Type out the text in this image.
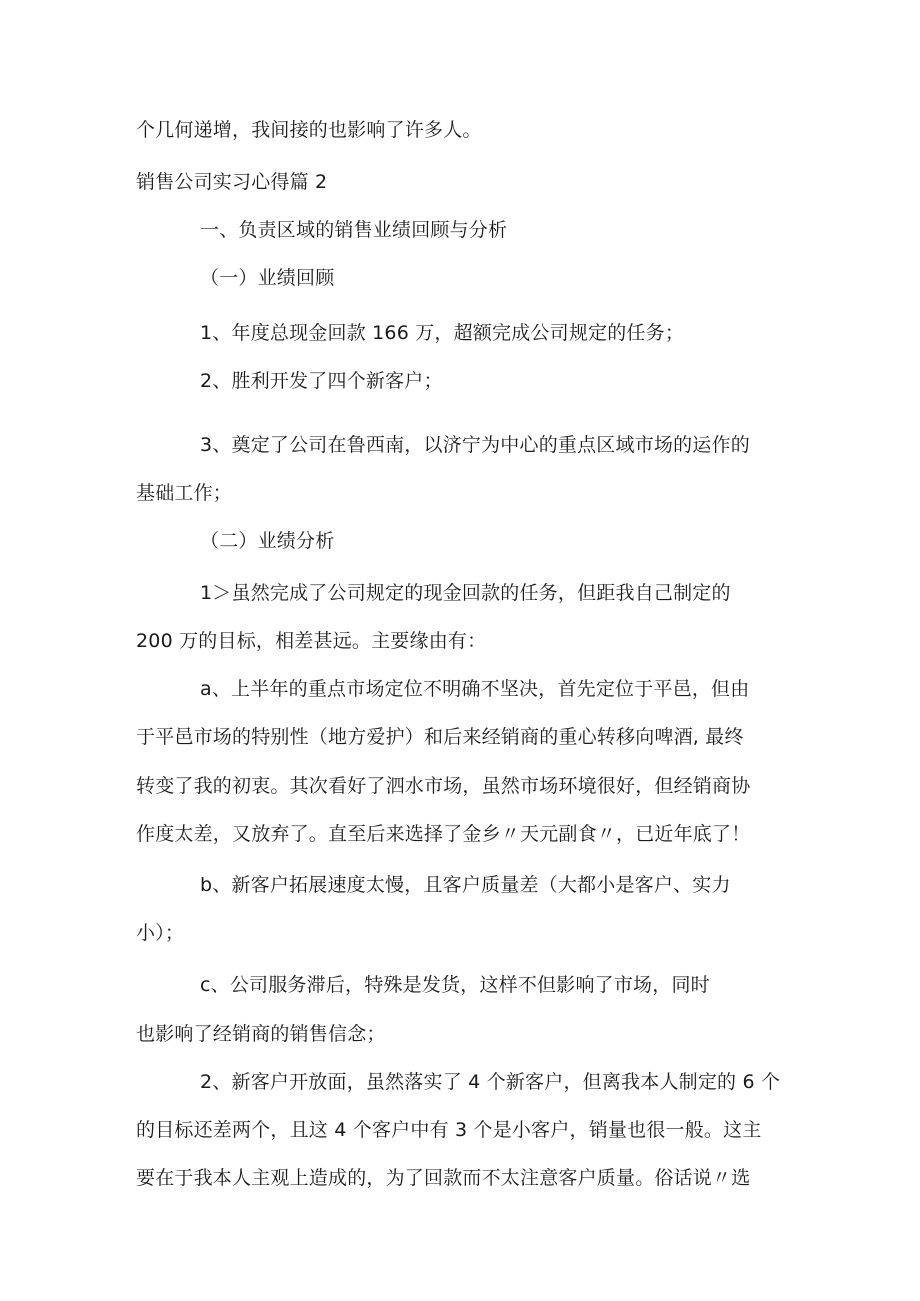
个几何递增，我间接的也影响了许多人。

销售公司实习心得篇 2

一、负责区域的销售业绩回顾与分析

（一）业绩回顾

1、年度总现金回款 166 万，超额完成公司规定的任务；

2、胜利开发了四个新客户；

3、奠定了公司在鲁西南，以济宁为中心的重点区域市场的运作的

基础工作；

（二）业绩分析

1＞虽然完成了公司规定的现金回款的任务，但距我自己制定的

200 万的目标，相差甚远。主要缘由有：

a、上半年的重点市场定位不明确不坚决，首先定位于平邑，但由

于平邑市场的特别性（地方爱护）和后来经销商的重心转移向啤酒, 最终

转变了我的初衷。其次看好了泗水市场，虽然市场环境很好，但经销商协

作度太差，又放弃了。直至后来选择了金乡〃天元副食〃，已近年底了！

b、新客户拓展速度太慢，且客户质量差（大都小是客户、实力

小）；

c、公司服务滞后，特殊是发货，这样不但影响了市场，同时

也影响了经销商的销售信念；

2、新客户开放面，虽然落实了 4 个新客户，但离我本人制定的 6 个

的目标还差两个，且这 4 个客户中有 3 个是小客户，销量也很一般。这主

要在于我本人主观上造成的，为了回款而不太注意客户质量。俗话说〃选
